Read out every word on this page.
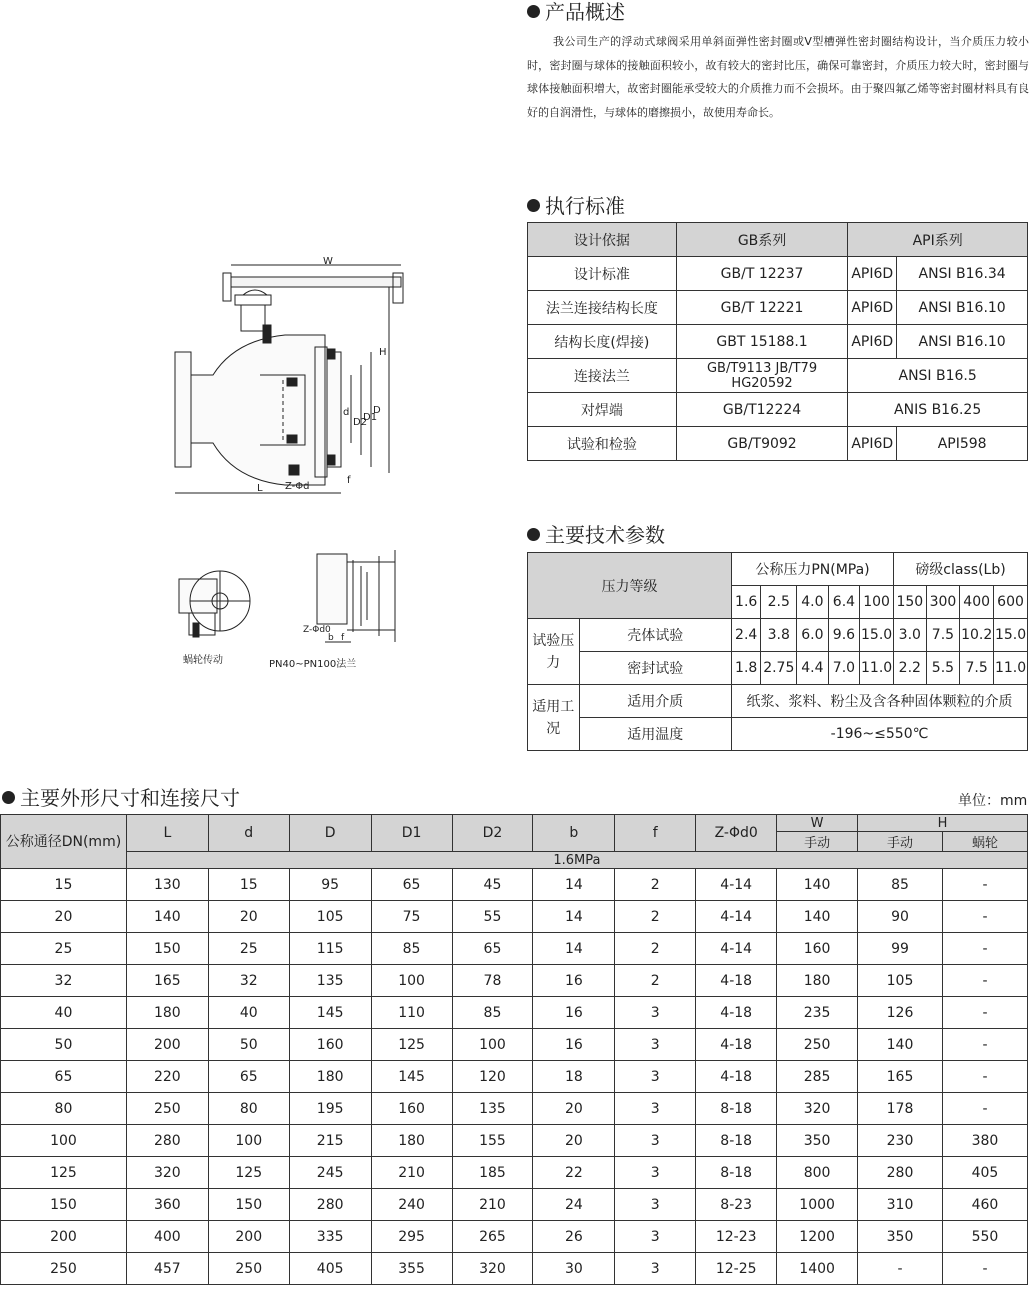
产品概述

我公司生产的浮动式球阀采用单斜面弹性密封圈或V型槽弹性密封圈结构设计，当介质压力较小时，密封圈与球体的接触面积较小，故有较大的密封比压，确保可靠密封，介质压力较大时，密封圈与球体接触面积增大，故密封圈能承受较大的介质推力而不会损坏。由于聚四氟乙烯等密封圈材料具有良好的自润滑性，与球体的磨擦损小，故使用寿命长。

执行标准
设计依据	GB系列	API系列	
设计标准	GB/T 12237	API6D	ANSI B16.34
法兰连接结构长度	GB/T 12221	API6D	ANSI B16.10
结构长度(焊接)	GBT 15188.1	API6D	ANSI B16.10
连接法兰	GB/T9113 JB/T79 HG20592	ANSI B16.5	
对焊端	GB/T12224	ANIS B16.25	
试验和检验	GB/T9092	API6D	API598
主要技术参数
压力等级		公称压力PN(MPa)					磅级class(Lb)			
		1.6	2.5	4.0	6.4	100	150	300	400	600
试验压力	壳体试验	2.4	3.8	6.0	9.6	15.0	3.0	7.5	10.2	15.0
	密封试验	1.8	2.75	4.4	7.0	11.0	2.2	5.5	7.5	11.0
适用工况	适用介质	纸浆、浆料、粉尘及含各种固体颗粒的介质								
	适用温度	-196~≤550℃								
W
H
L
d
D2
D1
D
Z-Φd
f
蜗轮传动
Z-Φd0
b f
PN40~PN100法兰
主要外形尺寸和连接尺寸	单位：mm
公称通径DN(mm)	L	d	D	D1	D2	b	f	Z-Φd0	W	H	
									手动	手动	蜗轮
	1.6MPa										
15	130	15	95	65	45	14	2	4-14	140	85	-
20	140	20	105	75	55	14	2	4-14	140	90	-
25	150	25	115	85	65	14	2	4-14	160	99	-
32	165	32	135	100	78	16	2	4-18	180	105	-
40	180	40	145	110	85	16	3	4-18	235	126	-
50	200	50	160	125	100	16	3	4-18	250	140	-
65	220	65	180	145	120	18	3	4-18	285	165	-
80	250	80	195	160	135	20	3	8-18	320	178	-
100	280	100	215	180	155	20	3	8-18	350	230	380
125	320	125	245	210	185	22	3	8-18	800	280	405
150	360	150	280	240	210	24	3	8-23	1000	310	460
200	400	200	335	295	265	26	3	12-23	1200	350	550
250	457	250	405	355	320	30	3	12-25	1400	-	-
